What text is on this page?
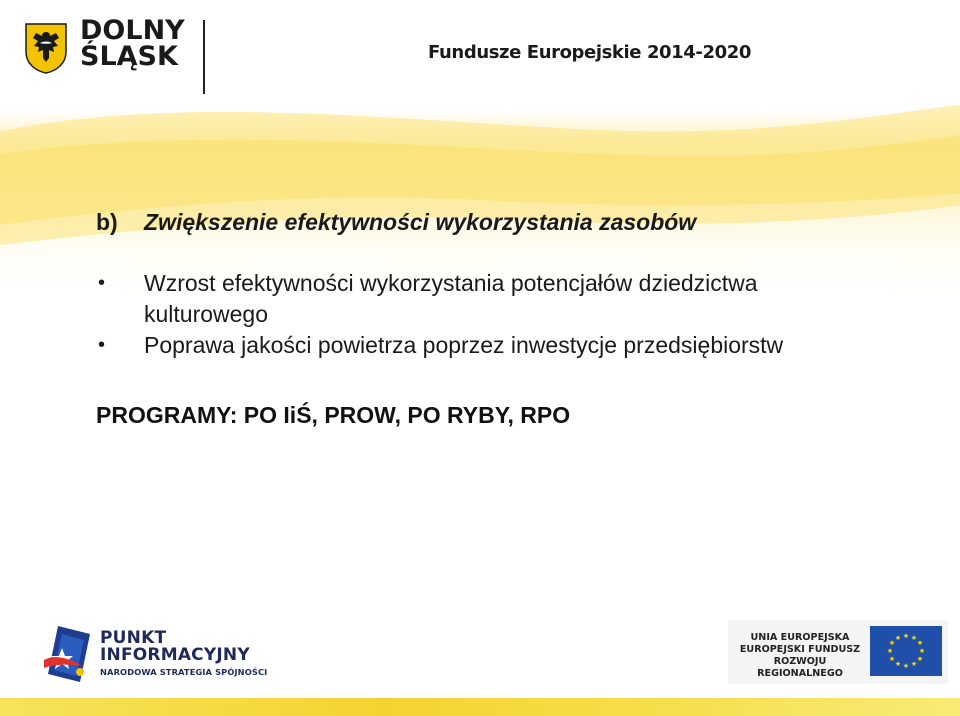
DOLNY
ŚLĄSK	Fundusze Europejskie 2014-2020

b) Zwiększenie efektywności wykorzystania zasobów

• Wzrost efektywności wykorzystania potencjałów dziedzictwa kulturowego
• Poprawa jakości powietrza poprzez inwestycje przedsiębiorstw
PROGRAMY: PO IiŚ, PROW, PO RYBY, RPO
PUNKT
INFORMACYJNY
NARODOWA STRATEGIA SPÓJNOŚCI
UNIA EUROPEJSKA
EUROPEJSKI FUNDUSZ
ROZWOJU REGIONALNEGO
★ ★
★
★
★
★
★
★
★
★
★
★
